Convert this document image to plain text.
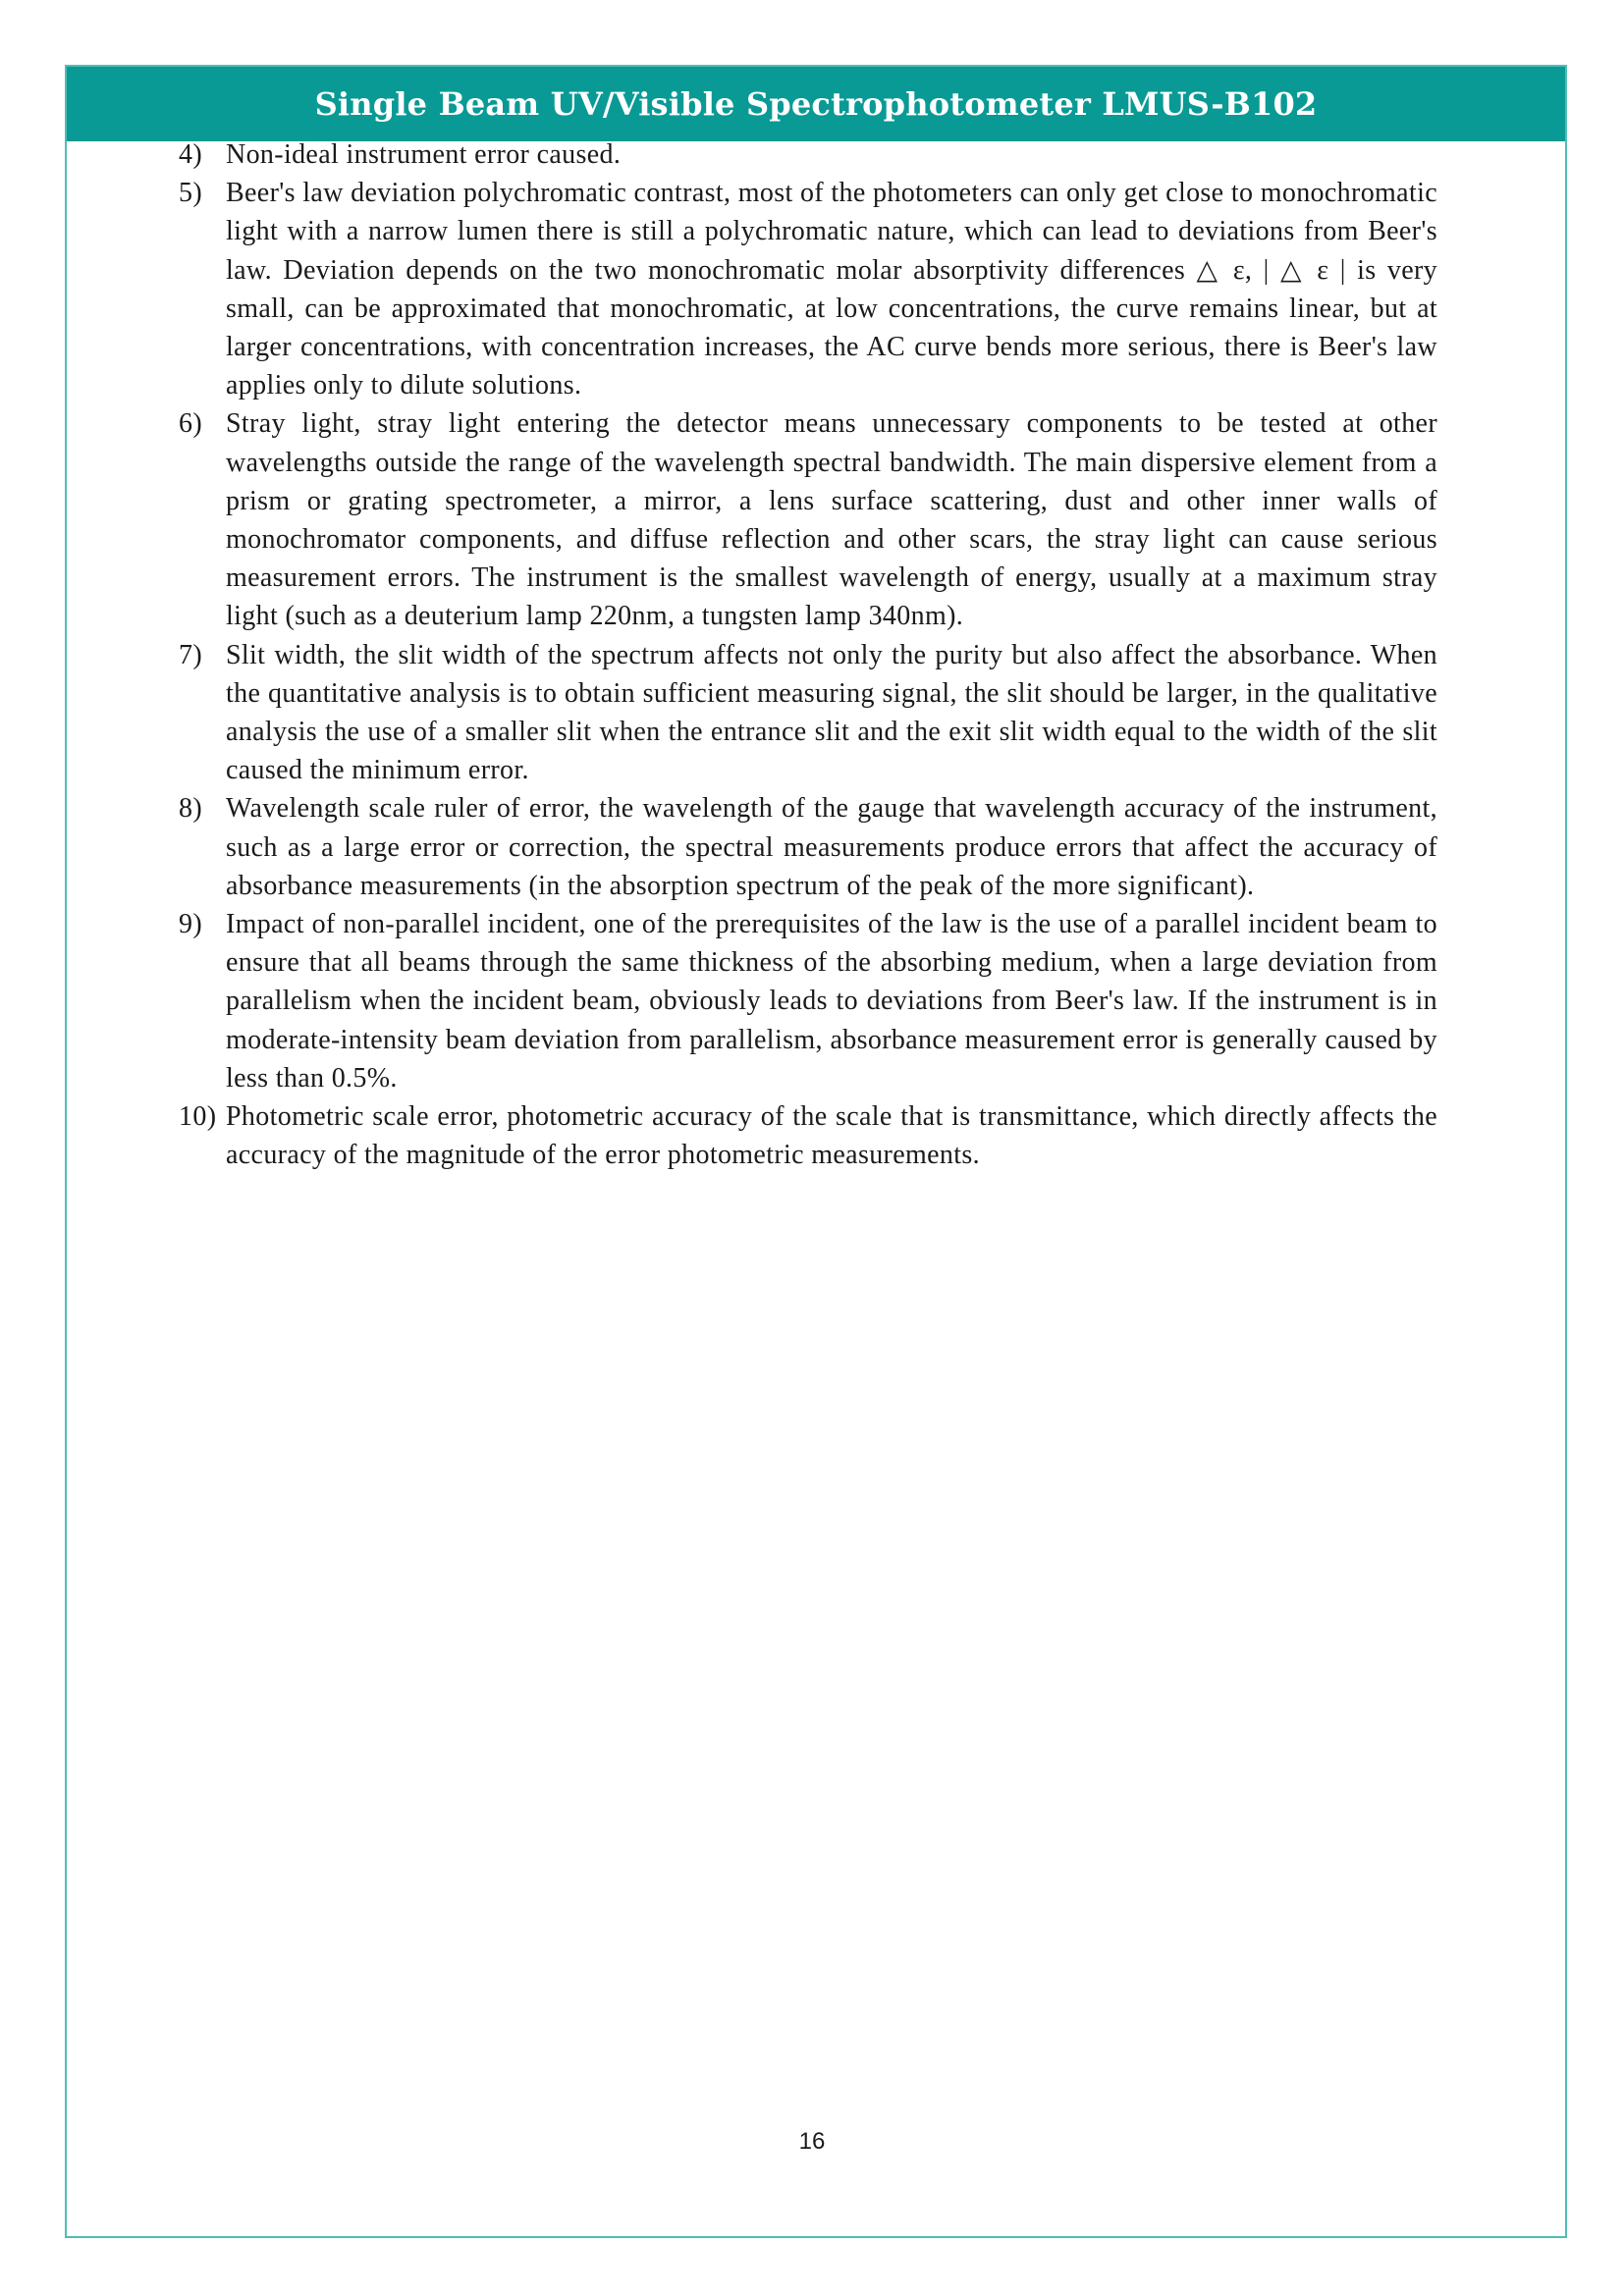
Single Beam UV/Visible Spectrophotometer LMUS-B102
4) Non-ideal instrument error caused.
5) Beer's law deviation polychromatic contrast, most of the photometers can only get close to monochromatic light with a narrow lumen there is still a polychromatic nature, which can lead to deviations from Beer's law. Deviation depends on the two monochromatic molar absorptivity differences △ ε, | △ ε | is very small, can be approximated that monochromatic, at low concentrations, the curve remains linear, but at larger concentrations, with concentration increases, the AC curve bends more serious, there is Beer's law applies only to dilute solutions.
6) Stray light, stray light entering the detector means unnecessary components to be tested at other wavelengths outside the range of the wavelength spectral bandwidth. The main dispersive element from a prism or grating spectrometer, a mirror, a lens surface scattering, dust and other inner walls of monochromator components, and diffuse reflection and other scars, the stray light can cause serious measurement errors. The instrument is the smallest wavelength of energy, usually at a maximum stray light (such as a deuterium lamp 220nm, a tungsten lamp 340nm).
7) Slit width, the slit width of the spectrum affects not only the purity but also affect the absorbance. When the quantitative analysis is to obtain sufficient measuring signal, the slit should be larger, in the qualitative analysis the use of a smaller slit when the entrance slit and the exit slit width equal to the width of the slit caused the minimum error.
8) Wavelength scale ruler of error, the wavelength of the gauge that wavelength accuracy of the instrument, such as a large error or correction, the spectral measurements produce errors that affect the accuracy of absorbance measurements (in the absorption spectrum of the peak of the more significant).
9) Impact of non-parallel incident, one of the prerequisites of the law is the use of a parallel incident beam to ensure that all beams through the same thickness of the absorbing medium, when a large deviation from parallelism when the incident beam, obviously leads to deviations from Beer's law. If the instrument is in moderate-intensity beam deviation from parallelism, absorbance measurement error is generally caused by less than 0.5%.
10) Photometric scale error, photometric accuracy of the scale that is transmittance, which directly affects the accuracy of the magnitude of the error photometric measurements.
16
